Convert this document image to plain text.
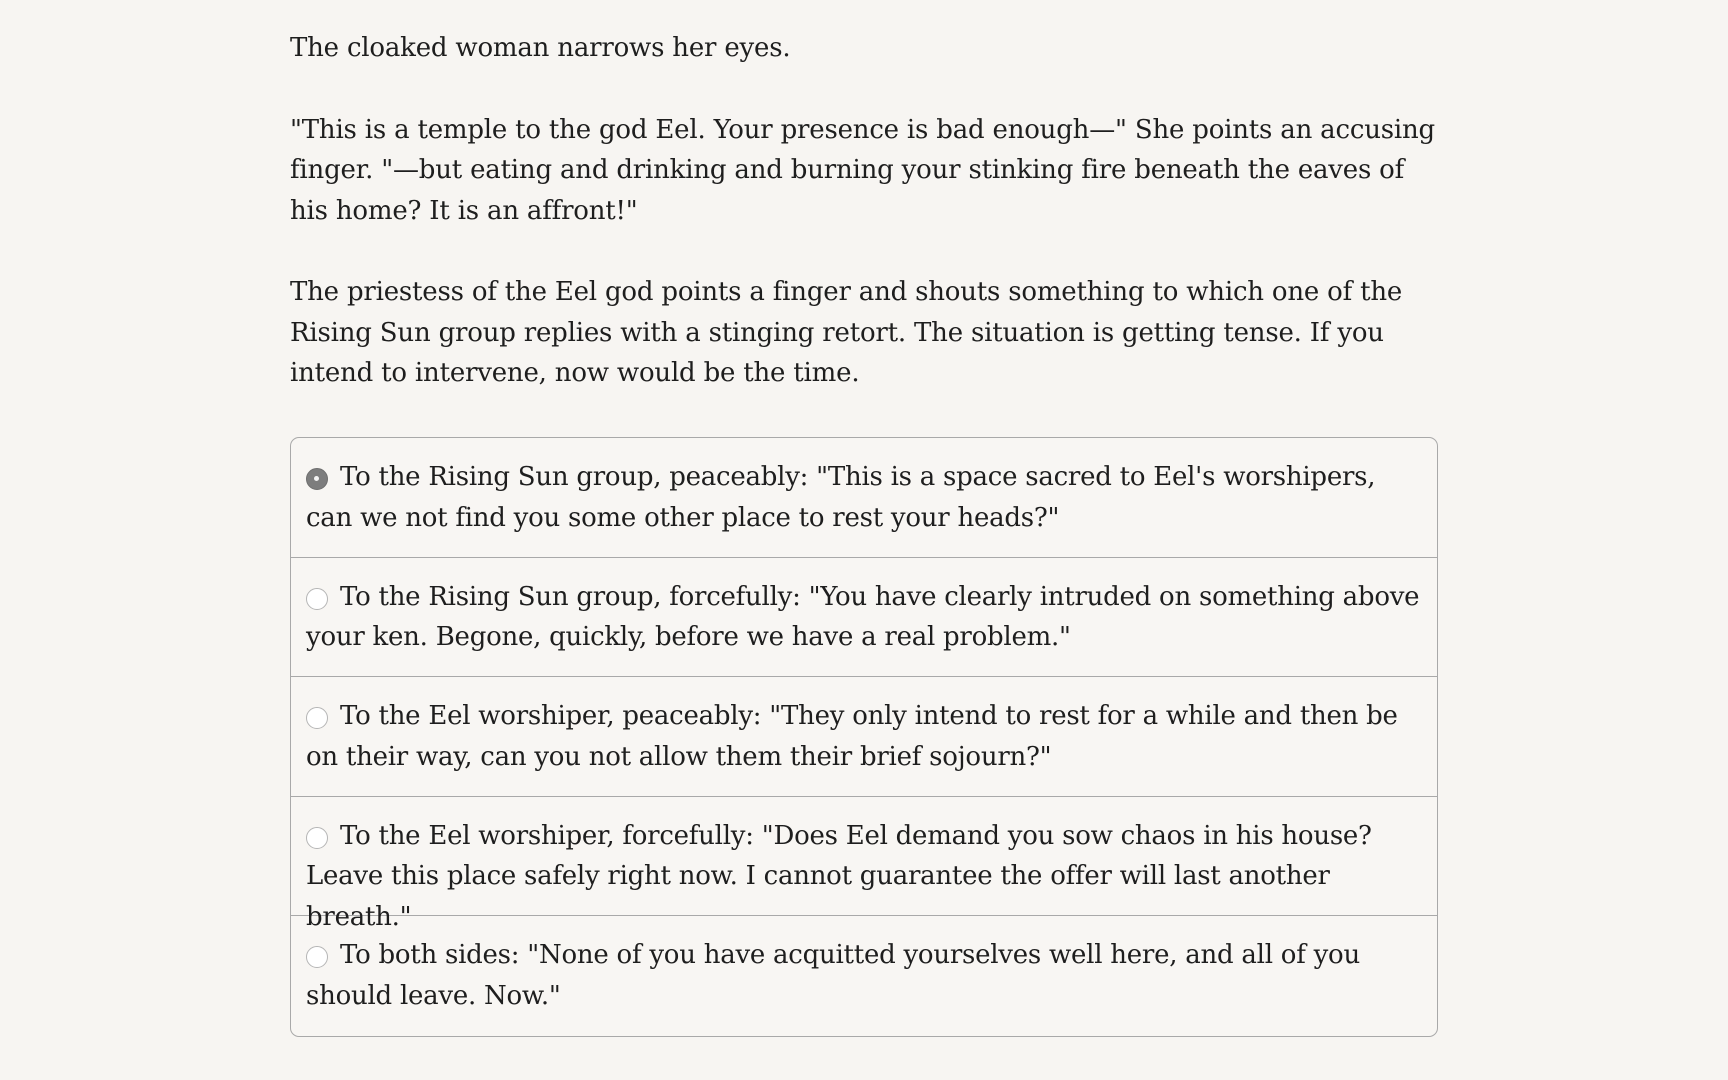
The cloaked woman narrows her eyes.

"This is a temple to the god Eel. Your presence is bad enough—" She points an accusing finger. "—but eating and drinking and burning your stinking fire beneath the eaves of his home? It is an affront!"

The priestess of the Eel god points a finger and shouts something to which one of the Rising Sun group replies with a stinging retort. The situation is getting tense. If you intend to intervene, now would be the time.

To the Rising Sun group, peaceably: "This is a space sacred to Eel's worshipers, can we not find you some other place to rest your heads?"
To the Rising Sun group, forcefully: "You have clearly intruded on something above your ken. Begone, quickly, before we have a real problem."
To the Eel worshiper, peaceably: "They only intend to rest for a while and then be on their way, can you not allow them their brief sojourn?"
To the Eel worshiper, forcefully: "Does Eel demand you sow chaos in his house? Leave this place safely right now. I cannot guarantee the offer will last another breath."
To both sides: "None of you have acquitted yourselves well here, and all of you should leave. Now."
